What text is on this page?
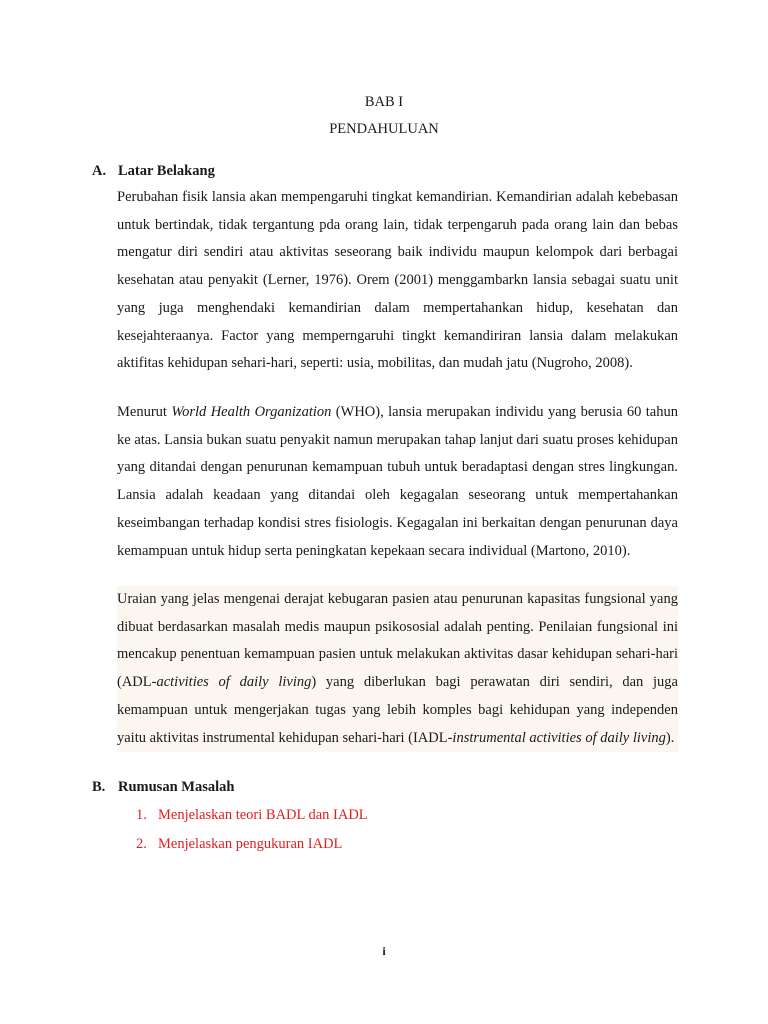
BAB I
PENDAHULUAN
A. Latar Belakang

Perubahan fisik lansia akan mempengaruhi tingkat kemandirian. Kemandirian adalah kebebasan untuk bertindak, tidak tergantung pda orang lain, tidak terpengaruh pada orang lain dan bebas mengatur diri sendiri atau aktivitas seseorang baik individu maupun kelompok dari berbagai kesehatan atau penyakit (Lerner, 1976). Orem (2001) menggambarkn lansia sebagai suatu unit yang juga menghendaki kemandirian dalam mempertahankan hidup, kesehatan dan kesejahteraanya. Factor yang memperngaruhi tingkt kemandiriran lansia dalam melakukan aktifitas kehidupan sehari-hari, seperti: usia, mobilitas, dan mudah jatu (Nugroho, 2008).

Menurut World Health Organization (WHO), lansia merupakan individu yang berusia 60 tahun ke atas. Lansia bukan suatu penyakit namun merupakan tahap lanjut dari suatu proses kehidupan yang ditandai dengan penurunan kemampuan tubuh untuk beradaptasi dengan stres lingkungan. Lansia adalah keadaan yang ditandai oleh kegagalan seseorang untuk mempertahankan keseimbangan terhadap kondisi stres fisiologis. Kegagalan ini berkaitan dengan penurunan daya kemampuan untuk hidup serta peningkatan kepekaan secara individual (Martono, 2010).

Uraian yang jelas mengenai derajat kebugaran pasien atau penurunan kapasitas fungsional yang dibuat berdasarkan masalah medis maupun psikososial adalah penting. Penilaian fungsional ini mencakup penentuan kemampuan pasien untuk melakukan aktivitas dasar kehidupan sehari-hari (ADL-activities of daily living) yang diberlukan bagi perawatan diri sendiri, dan juga kemampuan untuk mengerjakan tugas yang lebih komples bagi kehidupan yang independen yaitu aktivitas instrumental kehidupan sehari-hari (IADL-instrumental activities of daily living).

B. Rumusan Masalah
1. Menjelaskan teori BADL dan IADL
2. Menjelaskan pengukuran IADL
i
